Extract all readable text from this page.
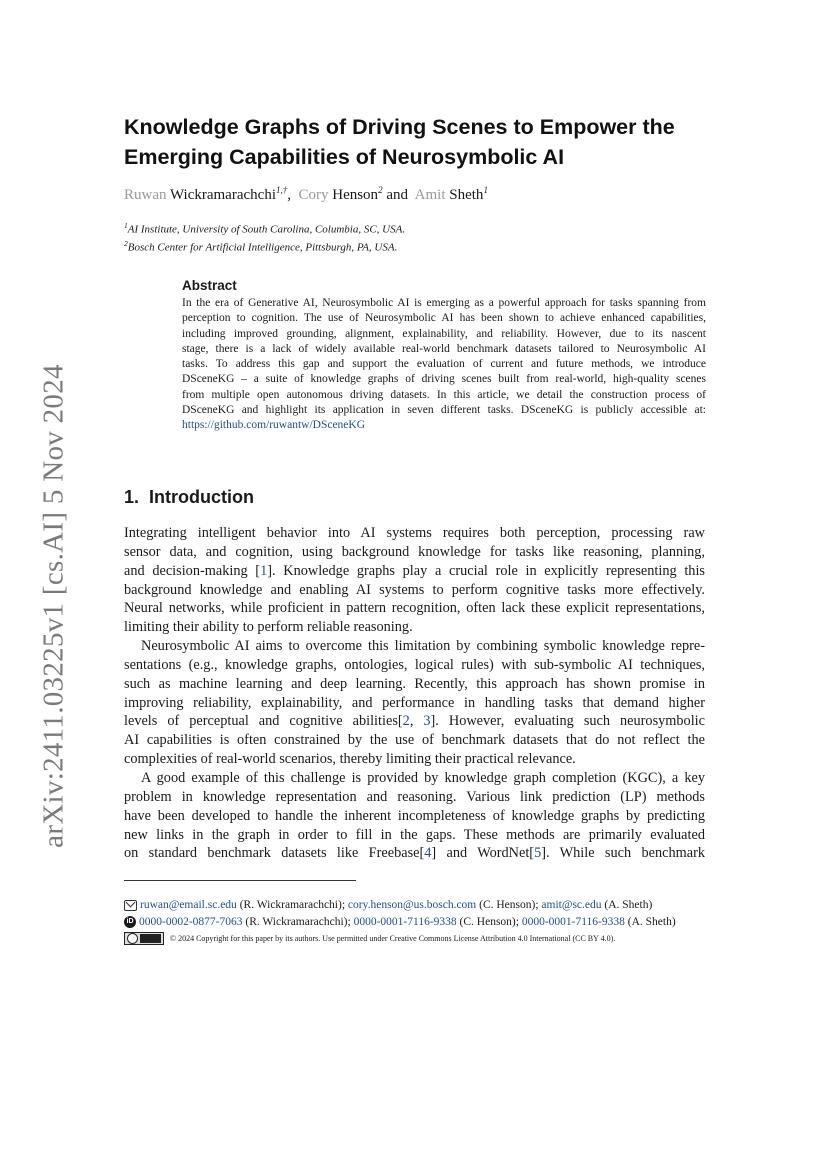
arXiv:2411.03225v1 [cs.AI] 5 Nov 2024
Knowledge Graphs of Driving Scenes to Empower the
Emerging Capabilities of Neurosymbolic AI
Ruwan Wickramarachchi$^{1,\dagger}$, Cory Henson$^2$ and Amit Sheth$^1$
$^1$AI Institute, University of South Carolina, Columbia, SC, USA.
$^2$Bosch Center for Artificial Intelligence, Pittsburgh, PA, USA.
Abstract
In the era of Generative AI, Neurosymbolic AI is emerging as a powerful approach for tasks spanning from
perception to cognition. The use of Neurosymbolic AI has been shown to achieve enhanced capabilities,
including improved grounding, alignment, explainability, and reliability. However, due to its nascent
stage, there is a lack of widely available real-world benchmark datasets tailored to Neurosymbolic AI
tasks. To address this gap and support the evaluation of current and future methods, we introduce
DSceneKG – a suite of knowledge graphs of driving scenes built from real-world, high-quality scenes
from multiple open autonomous driving datasets. In this article, we detail the construction process of
DSceneKG and highlight its application in seven different tasks. DSceneKG is publicly accessible at:
https://github.com/ruwantw/DSceneKG
1. Introduction
Integrating intelligent behavior into AI systems requires both perception, processing raw
sensor data, and cognition, using background knowledge for tasks like reasoning, planning,
and decision-making [1]. Knowledge graphs play a crucial role in explicitly representing this
background knowledge and enabling AI systems to perform cognitive tasks more effectively.
Neural networks, while proficient in pattern recognition, often lack these explicit representations,
limiting their ability to perform reliable reasoning.
Neurosymbolic AI aims to overcome this limitation by combining symbolic knowledge repre-
sentations (e.g., knowledge graphs, ontologies, logical rules) with sub-symbolic AI techniques,
such as machine learning and deep learning. Recently, this approach has shown promise in
improving reliability, explainability, and performance in handling tasks that demand higher
levels of perceptual and cognitive abilities[2, 3]. However, evaluating such neurosymbolic
AI capabilities is often constrained by the use of benchmark datasets that do not reflect the
complexities of real-world scenarios, thereby limiting their practical relevance.
A good example of this challenge is provided by knowledge graph completion (KGC), a key
problem in knowledge representation and reasoning. Various link prediction (LP) methods
have been developed to handle the inherent incompleteness of knowledge graphs by predicting
new links in the graph in order to fill in the gaps. These methods are primarily evaluated
on standard benchmark datasets like Freebase[4] and WordNet[5]. While such benchmark
ruwan@email.sc.edu (R. Wickramarachchi); cory.henson@us.bosch.com (C. Henson); amit@sc.edu (A. Sheth)
iD 0000-0002-0877-7063 (R. Wickramarachchi); 0000-0001-7116-9338 (C. Henson); 0000-0001-7116-9338 (A. Sheth)
© 2024 Copyright for this paper by its authors. Use permitted under Creative Commons License Attribution 4.0 International (CC BY 4.0).
